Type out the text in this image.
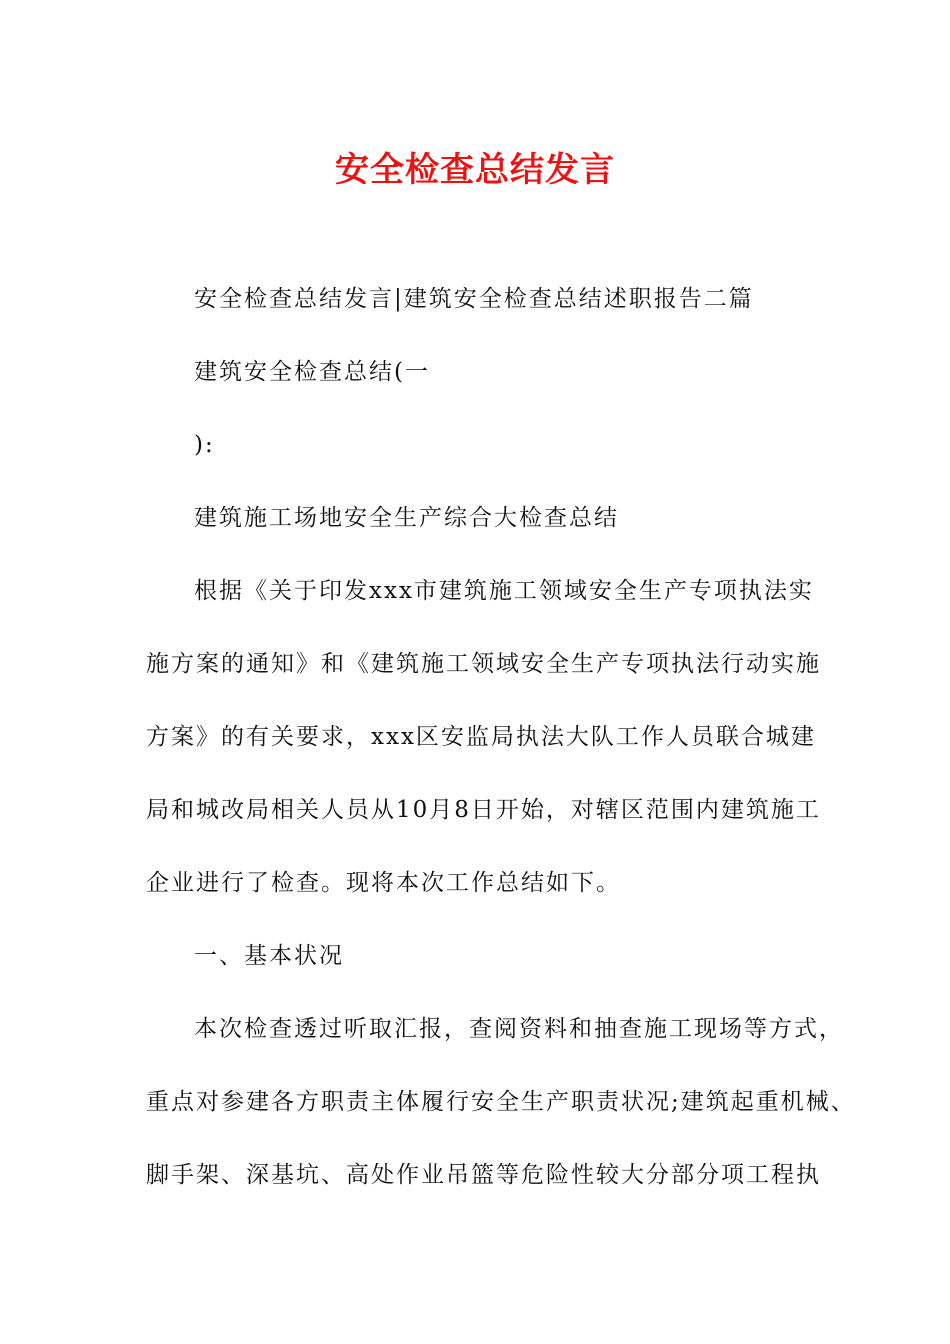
安全检查总结发言

安全检查总结发言|建筑安全检查总结述职报告二篇

建筑安全检查总结(一

):

建筑施工场地安全生产综合大检查总结

根据《关于印发xxx市建筑施工领域安全生产专项执法实

施方案的通知》和《建筑施工领域安全生产专项执法行动实施

方案》的有关要求，xxx区安监局执法大队工作人员联合城建

局和城改局相关人员从10月8日开始，对辖区范围内建筑施工

企业进行了检查。现将本次工作总结如下。

一、基本状况

本次检查透过听取汇报，查阅资料和抽查施工现场等方式，

重点对参建各方职责主体履行安全生产职责状况;建筑起重机械、

脚手架、深基坑、高处作业吊篮等危险性较大分部分项工程执
